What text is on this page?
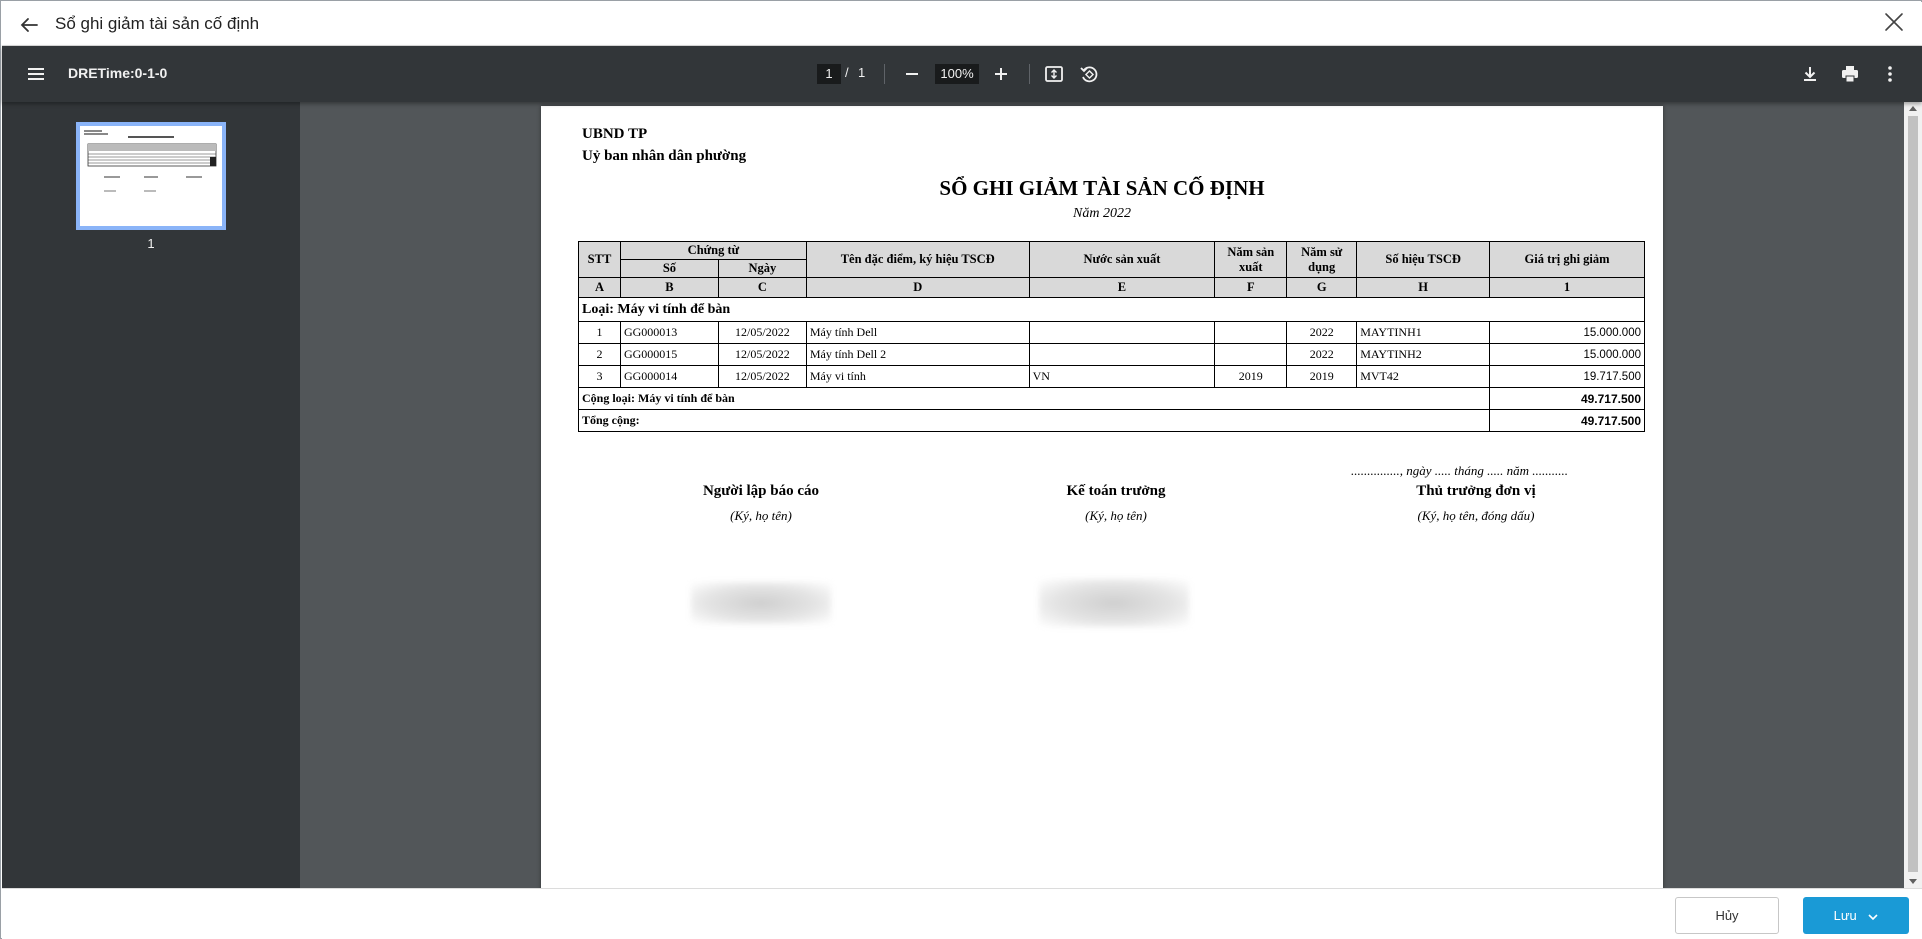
Sổ ghi giảm tài sản cố định
DRETime:0-1-0	1 / 1	100%
1
UBND TP
Uỷ ban nhân dân phường
SỔ GHI GIẢM TÀI SẢN CỐ ĐỊNH
Năm 2022
STT	Chứng từ		Tên đặc điểm, ký hiệu TSCĐ	Nước sản xuất	Năm sản xuất	Năm sử dụng	Số hiệu TSCĐ	Giá trị ghi giảm
	Số	Ngày						
A	B	C	D	E	F	G	H	1
Loại: Máy vi tính để bàn								
1	GG000013	12/05/2022	Máy tính Dell			2022	MAYTINH1	15.000.000
2	GG000015	12/05/2022	Máy tính Dell 2			2022	MAYTINH2	15.000.000
3	GG000014	12/05/2022	Máy vi tính	VN	2019	2019	MVT42	19.717.500
Cộng loại: Máy vi tính để bàn								49.717.500
Tổng cộng:								49.717.500
..............., ngày ..... tháng ..... năm ...........
Người lập báo cáo
(Ký, họ tên)
Kế toán trưởng
(Ký, họ tên)
Thủ trưởng đơn vị
(Ký, họ tên, đóng dấu)
Hủy	Lưu
